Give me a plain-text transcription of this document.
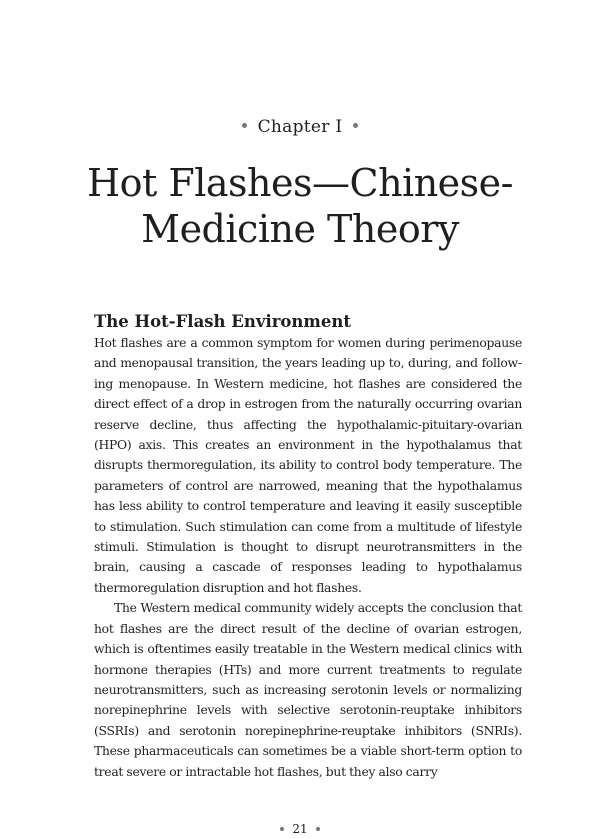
Chapter I
Hot Flashes—Chinese-Medicine Theory
The Hot-Flash Environment

Hot flashes are a common symptom for women during perimenopause and menopausal transition, the years leading up to, during, and following menopause. In Western medicine, hot flashes are considered the direct effect of a drop in estrogen from the naturally occurring ovarian reserve decline, thus affecting the hypothalamic-pituitary-ovarian (HPO) axis. This creates an environment in the hypothalamus that disrupts thermoregulation, its ability to control body temperature. The parameters of control are narrowed, meaning that the hypothalamus has less ability to control temperature and leaving it easily susceptible to stimulation. Such stimulation can come from a multitude of lifestyle stimuli. Stimulation is thought to disrupt neurotransmitters in the brain, causing a cascade of responses leading to hypothalamus thermoregulation disruption and hot flashes.

The Western medical community widely accepts the conclusion that hot flashes are the direct result of the decline of ovarian estrogen, which is oftentimes easily treatable in the Western medical clinics with hormone therapies (HTs) and more current treatments to regulate neurotransmitters, such as increasing serotonin levels or normalizing norepinephrine levels with selective serotonin-reuptake inhibitors (SSRIs) and serotonin norepinephrine-reuptake inhibitors (SNRIs). These pharmaceuticals can sometimes be a viable short-term option to treat severe or intractable hot flashes, but they also carry

21
